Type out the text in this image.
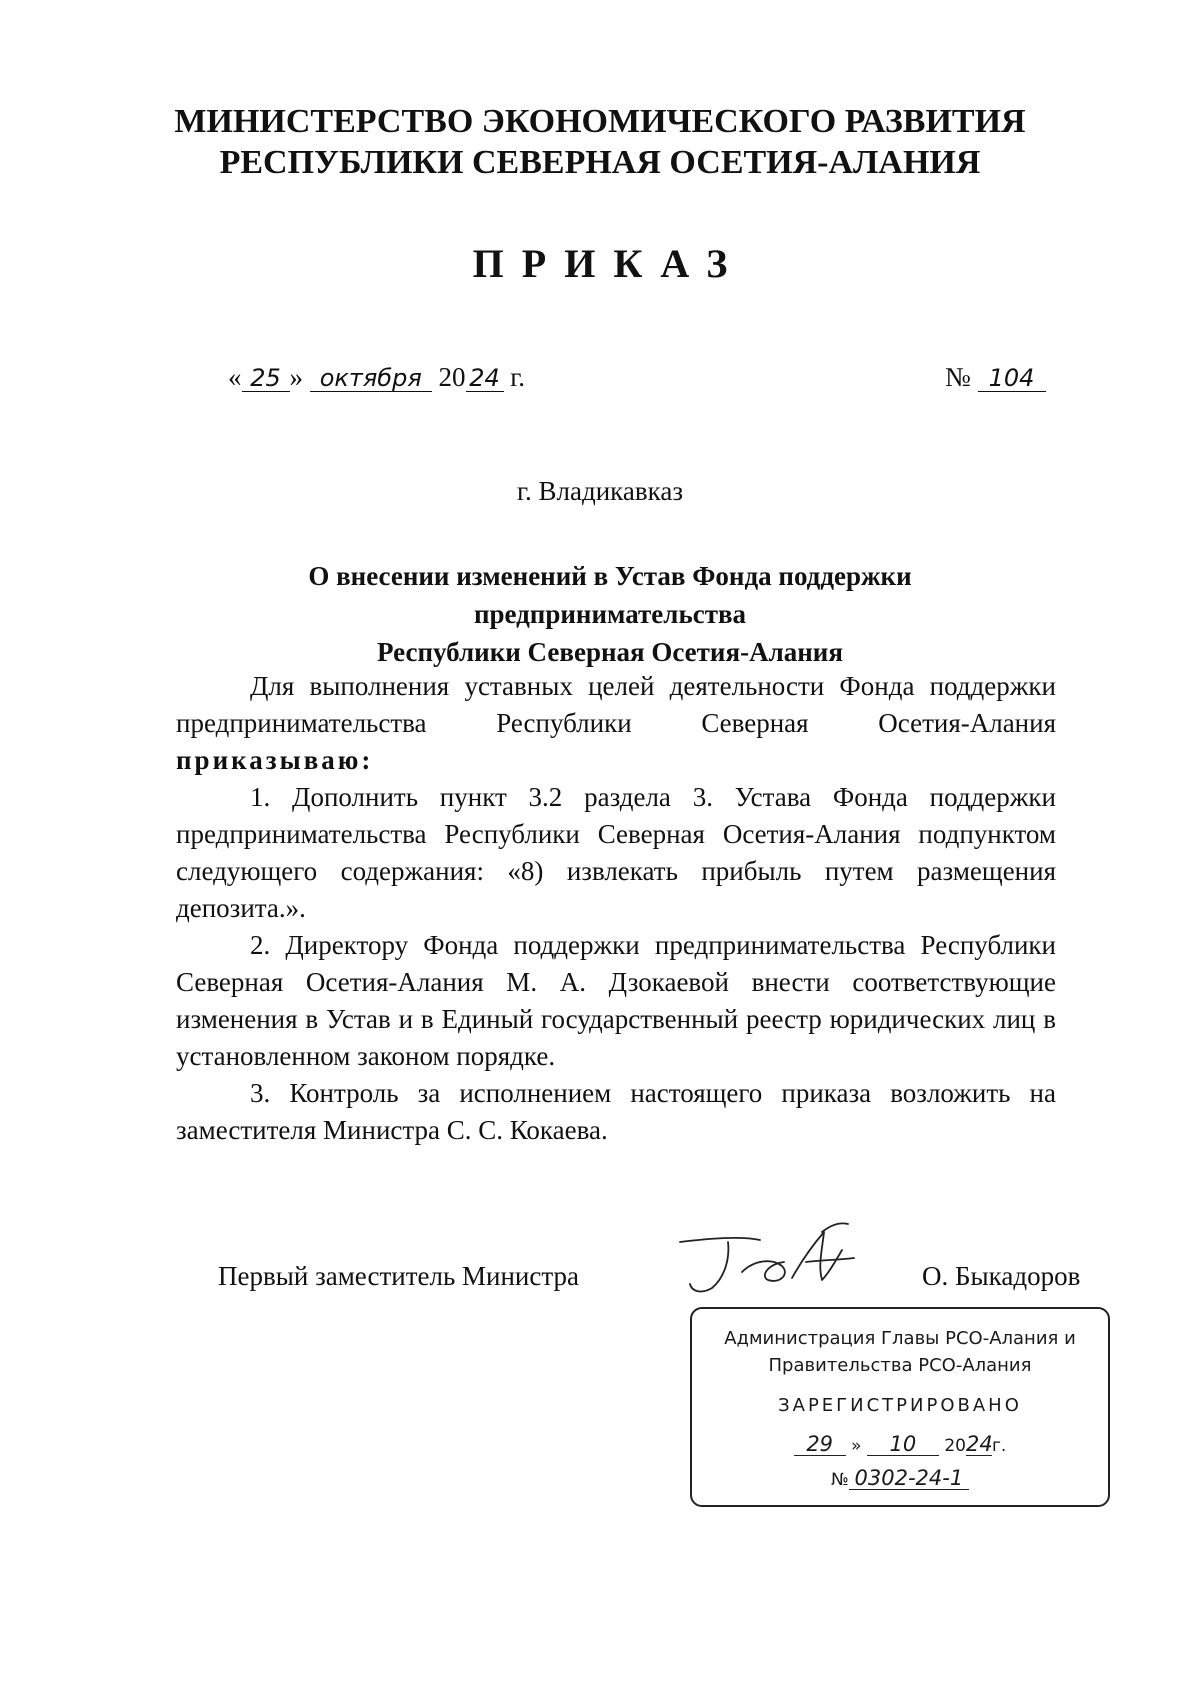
МИНИСТЕРСТВО ЭКОНОМИЧЕСКОГО РАЗВИТИЯ
РЕСПУБЛИКИ СЕВЕРНАЯ ОСЕТИЯ-АЛАНИЯ
ПРИКАЗ
« 25 » октября 20 24 г.	№ 104
г. Владикавказ
О внесении изменений в Устав Фонда поддержки предпринимательства
Республики Северная Осетия-Алания

Для выполнения уставных целей деятельности Фонда поддержки предпринимательства Республики Северная Осетия-Алания приказываю:

1. Дополнить пункт 3.2 раздела 3. Устава Фонда поддержки предпринимательства Республики Северная Осетия-Алания подпунктом следующего содержания: «8) извлекать прибыль путем размещения депозита.».

2. Директору Фонда поддержки предпринимательства Республики Северная Осетия-Алания М. А. Дзокаевой внести соответствующие изменения в Устав и в Единый государственный реестр юридических лиц в установленном законом порядке.

3. Контроль за исполнением настоящего приказа возложить на заместителя Министра С. С. Кокаева.

Первый заместитель Министра	О. Быкадоров
Администрация Главы РСО-Алания и
Правительства РСО-Алания
ЗАРЕГИСТРИРОВАНО
29 » 10 2024г.
№ 0302-24-1
